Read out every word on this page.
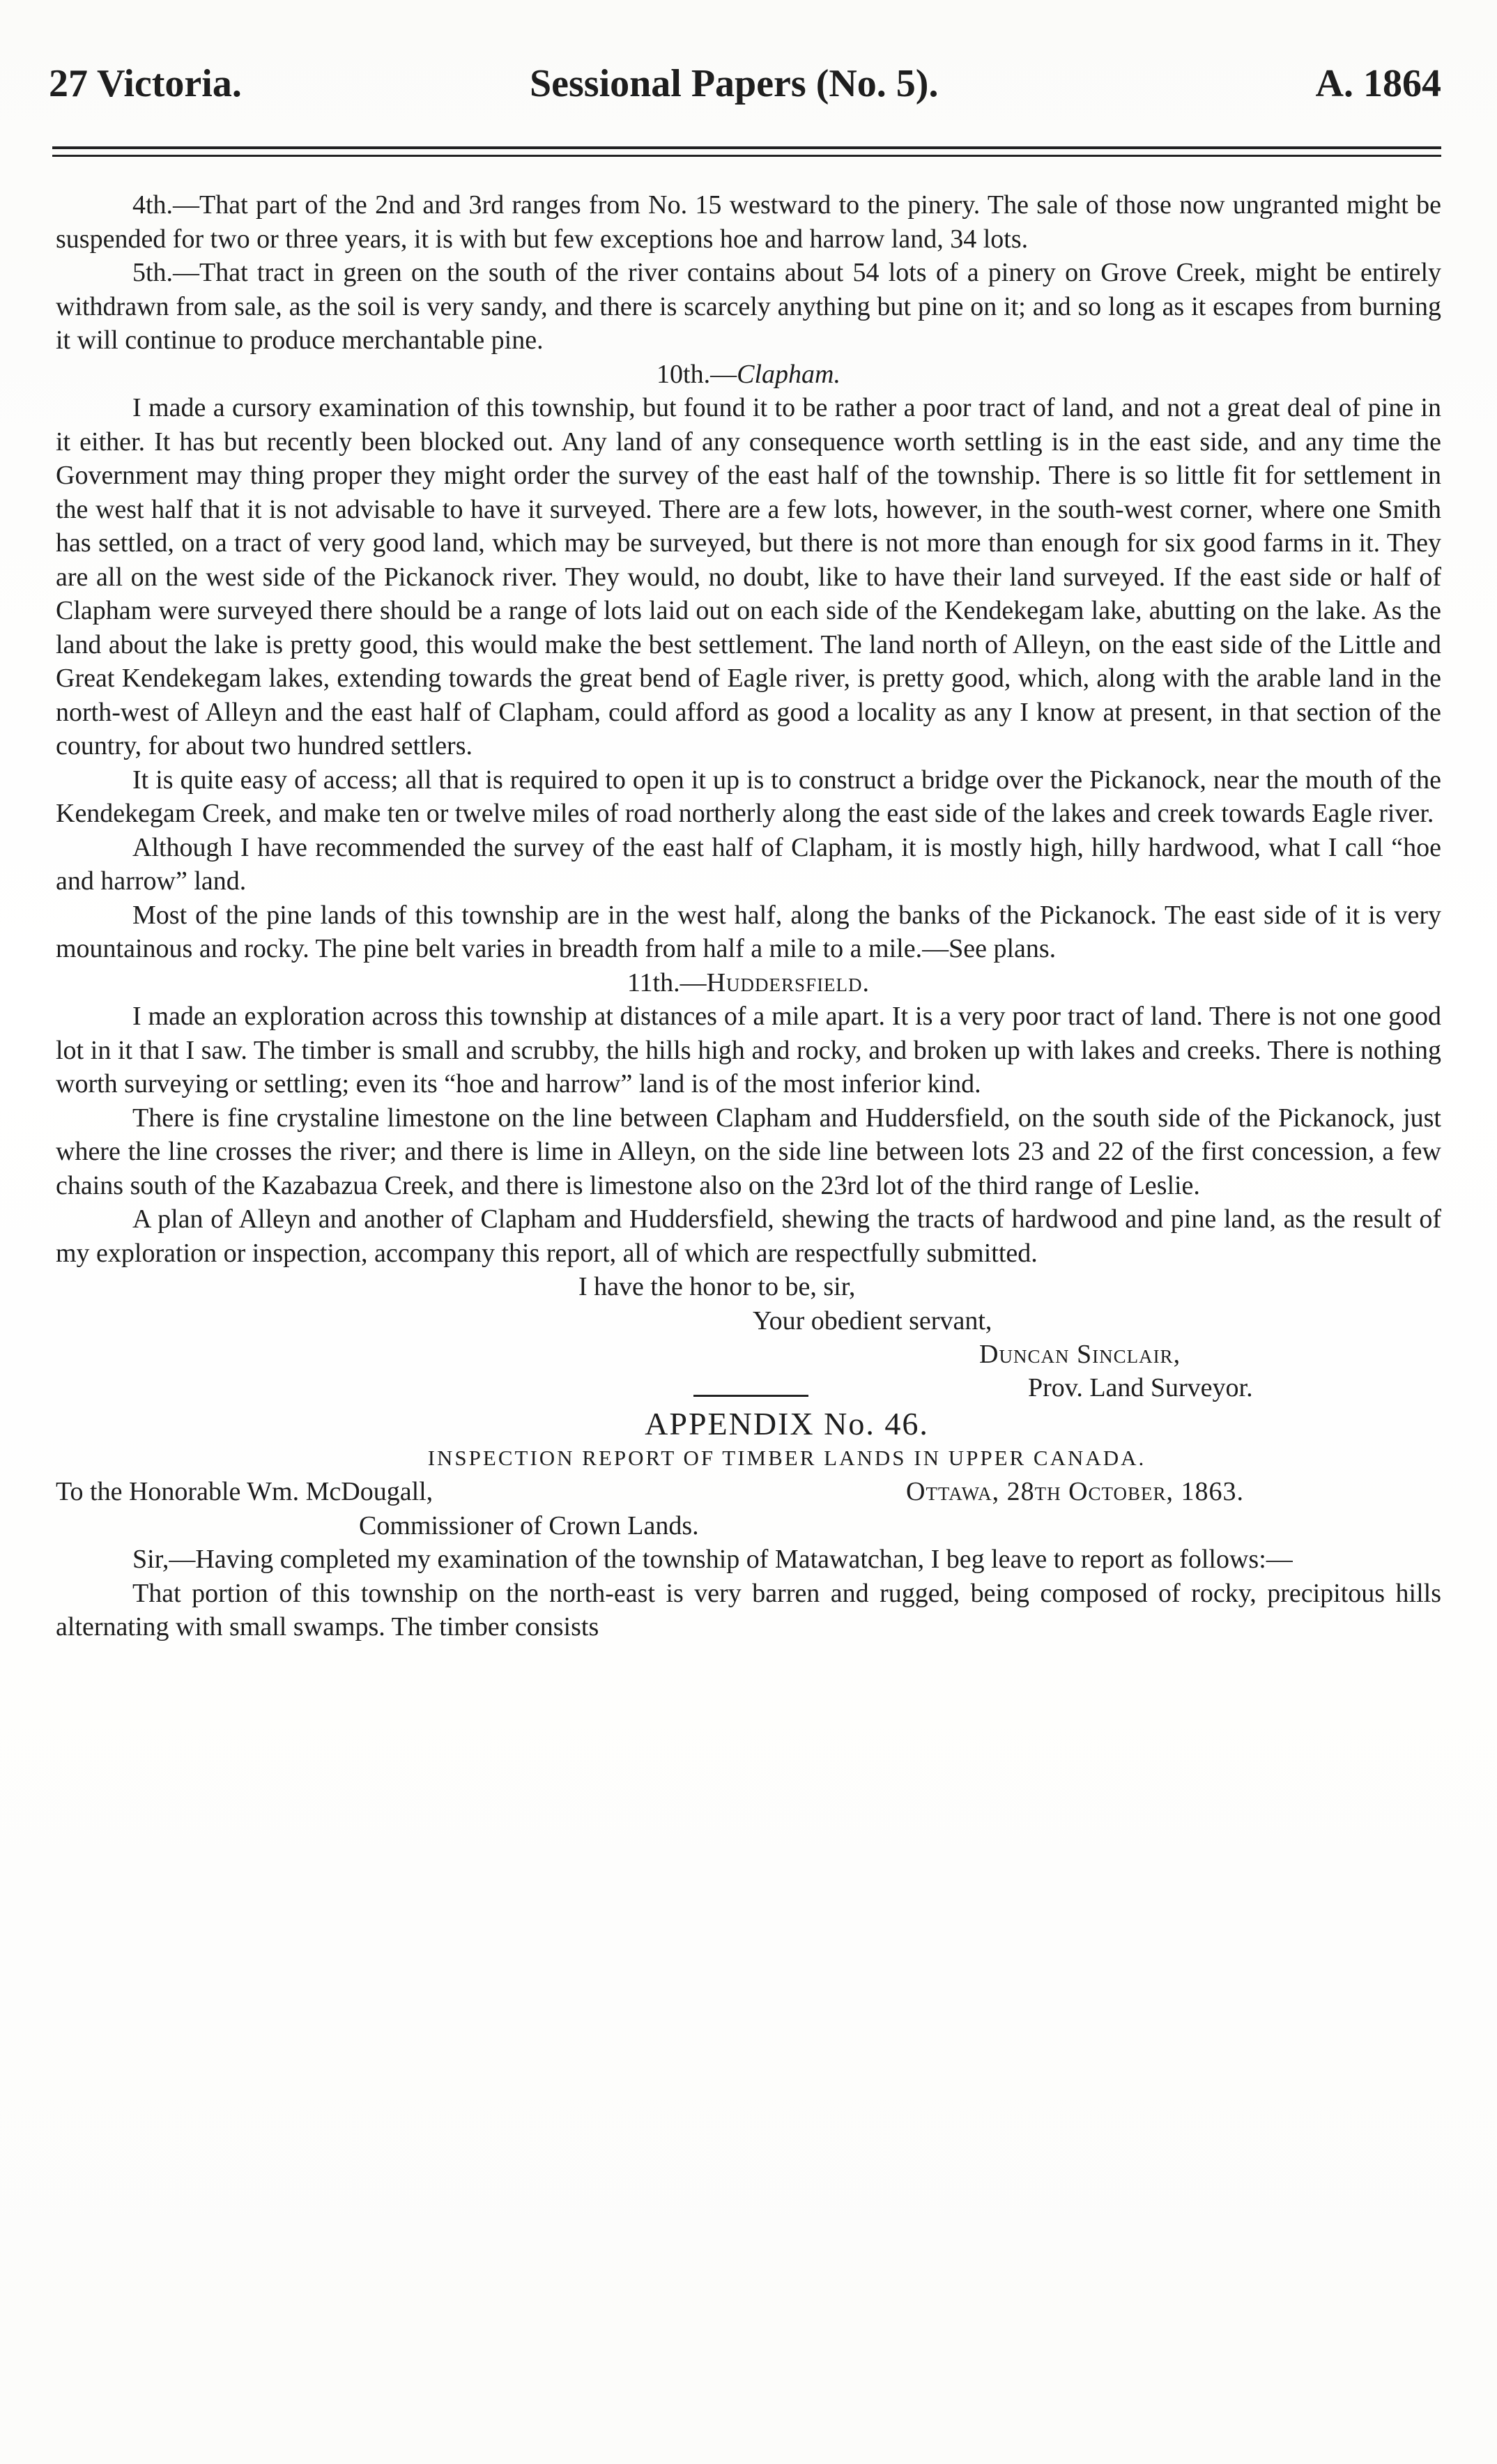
27 Victoria.	Sessional Papers (No. 5).	A. 1864

4th.—That part of the 2nd and 3rd ranges from No. 15 westward to the pinery. The sale of those now ungranted might be suspended for two or three years, it is with but few exceptions hoe and harrow land, 34 lots.

5th.—That tract in green on the south of the river contains about 54 lots of a pinery on Grove Creek, might be entirely withdrawn from sale, as the soil is very sandy, and there is scarcely anything but pine on it; and so long as it escapes from burning it will continue to produce merchantable pine.

10th.—Clapham.

I made a cursory examination of this township, but found it to be rather a poor tract of land, and not a great deal of pine in it either. It has but recently been blocked out. Any land of any consequence worth settling is in the east side, and any time the Government may thing proper they might order the survey of the east half of the township. There is so little fit for settlement in the west half that it is not advisable to have it surveyed. There are a few lots, however, in the south-west corner, where one Smith has settled, on a tract of very good land, which may be surveyed, but there is not more than enough for six good farms in it. They are all on the west side of the Pickanock river. They would, no doubt, like to have their land surveyed. If the east side or half of Clapham were surveyed there should be a range of lots laid out on each side of the Kendekegam lake, abutting on the lake. As the land about the lake is pretty good, this would make the best settlement. The land north of Alleyn, on the east side of the Little and Great Kendekegam lakes, extending towards the great bend of Eagle river, is pretty good, which, along with the arable land in the north-west of Alleyn and the east half of Clapham, could afford as good a locality as any I know at present, in that section of the country, for about two hundred settlers.

It is quite easy of access; all that is required to open it up is to construct a bridge over the Pickanock, near the mouth of the Kendekegam Creek, and make ten or twelve miles of road northerly along the east side of the lakes and creek towards Eagle river.

Although I have recommended the survey of the east half of Clapham, it is mostly high, hilly hardwood, what I call “hoe and harrow” land.

Most of the pine lands of this township are in the west half, along the banks of the Pickanock. The east side of it is very mountainous and rocky. The pine belt varies in breadth from half a mile to a mile.—See plans.

11th.—Huddersfield.

I made an exploration across this township at distances of a mile apart. It is a very poor tract of land. There is not one good lot in it that I saw. The timber is small and scrubby, the hills high and rocky, and broken up with lakes and creeks. There is nothing worth surveying or settling; even its “hoe and harrow” land is of the most inferior kind.

There is fine crystaline limestone on the line between Clapham and Huddersfield, on the south side of the Pickanock, just where the line crosses the river; and there is lime in Alleyn, on the side line between lots 23 and 22 of the first concession, a few chains south of the Kazabazua Creek, and there is limestone also on the 23rd lot of the third range of Leslie.

A plan of Alleyn and another of Clapham and Huddersfield, shewing the tracts of hardwood and pine land, as the result of my exploration or inspection, accompany this report, all of which are respectfully submitted.

I have the honor to be, sir,

Your obedient servant,

Duncan Sinclair,
Prov. Land Surveyor.

APPENDIX No. 46.

INSPECTION REPORT OF TIMBER LANDS IN UPPER CANADA.

To the Honorable Wm. McDougall,	Ottawa, 28th October, 1863.

Commissioner of Crown Lands.

Sir,—Having completed my examination of the township of Matawatchan, I beg leave to report as follows:—

That portion of this township on the north-east is very barren and rugged, being composed of rocky, precipitous hills alternating with small swamps. The timber consists
